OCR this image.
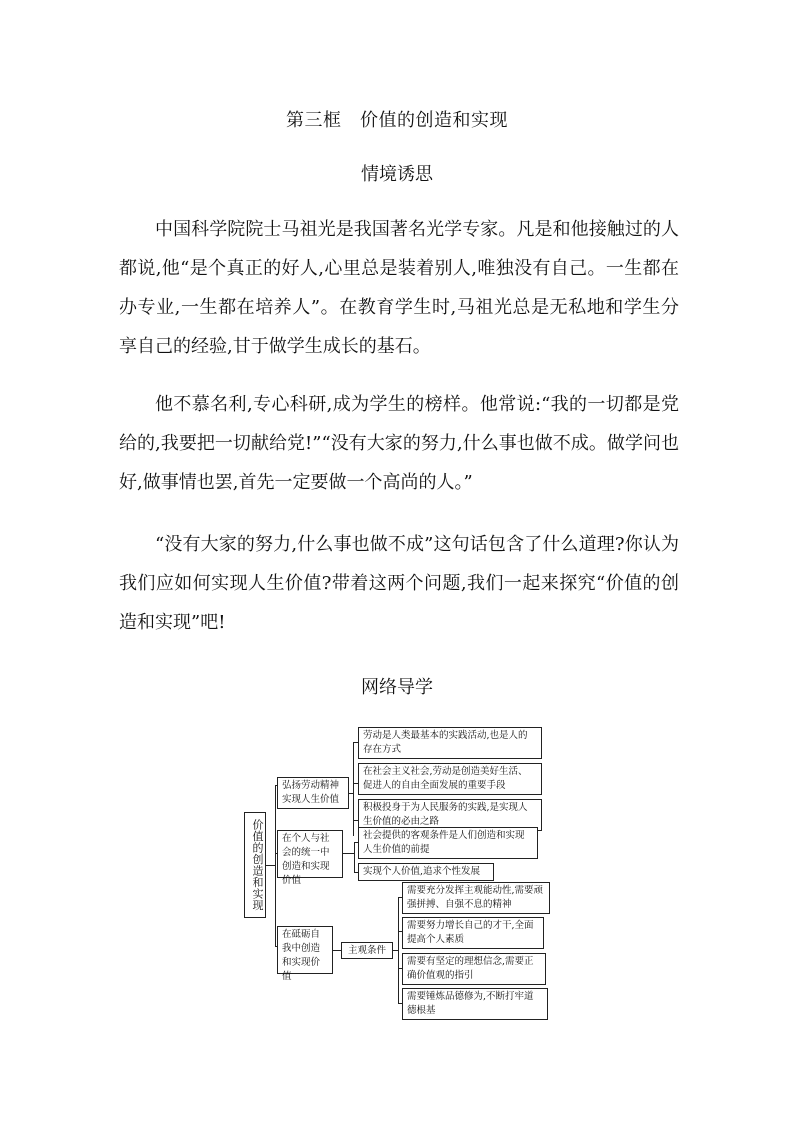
第三框　价值的创造和实现
情境诱思

中国科学院院士马祖光是我国著名光学专家。凡是和他接触过的人都说,他“是个真正的好人,心里总是装着别人,唯独没有自己。一生都在办专业,一生都在培养人”。在教育学生时,马祖光总是无私地和学生分享自己的经验,甘于做学生成长的基石。

他不慕名利,专心科研,成为学生的榜样。他常说:“我的一切都是党给的,我要把一切献给党!”“没有大家的努力,什么事也做不成。做学问也好,做事情也罢,首先一定要做一个高尚的人。”

“没有大家的努力,什么事也做不成”这句话包含了什么道理?你认为我们应如何实现人生价值?带着这两个问题,我们一起来探究“价值的创造和实现”吧!

网络导学
价值的创造和实现
弘扬劳动精神实现人生价值
劳动是人类最基本的实践活动,也是人的存在方式
在社会主义社会,劳动是创造美好生活、促进人的自由全面发展的重要手段
积极投身于为人民服务的实践,是实现人生价值的必由之路
在个人与社会的统一中创造和实现价值
社会提供的客观条件是人们创造和实现人生价值的前提
实现个人价值,追求个性发展
在砥砺自我中创造和实现价值
主观条件
需要充分发挥主观能动性,需要顽强拼搏、自强不息的精神
需要努力增长自己的才干,全面提高个人素质
需要有坚定的理想信念,需要正确价值观的指引
需要锤炼品德修为,不断打牢道德根基
